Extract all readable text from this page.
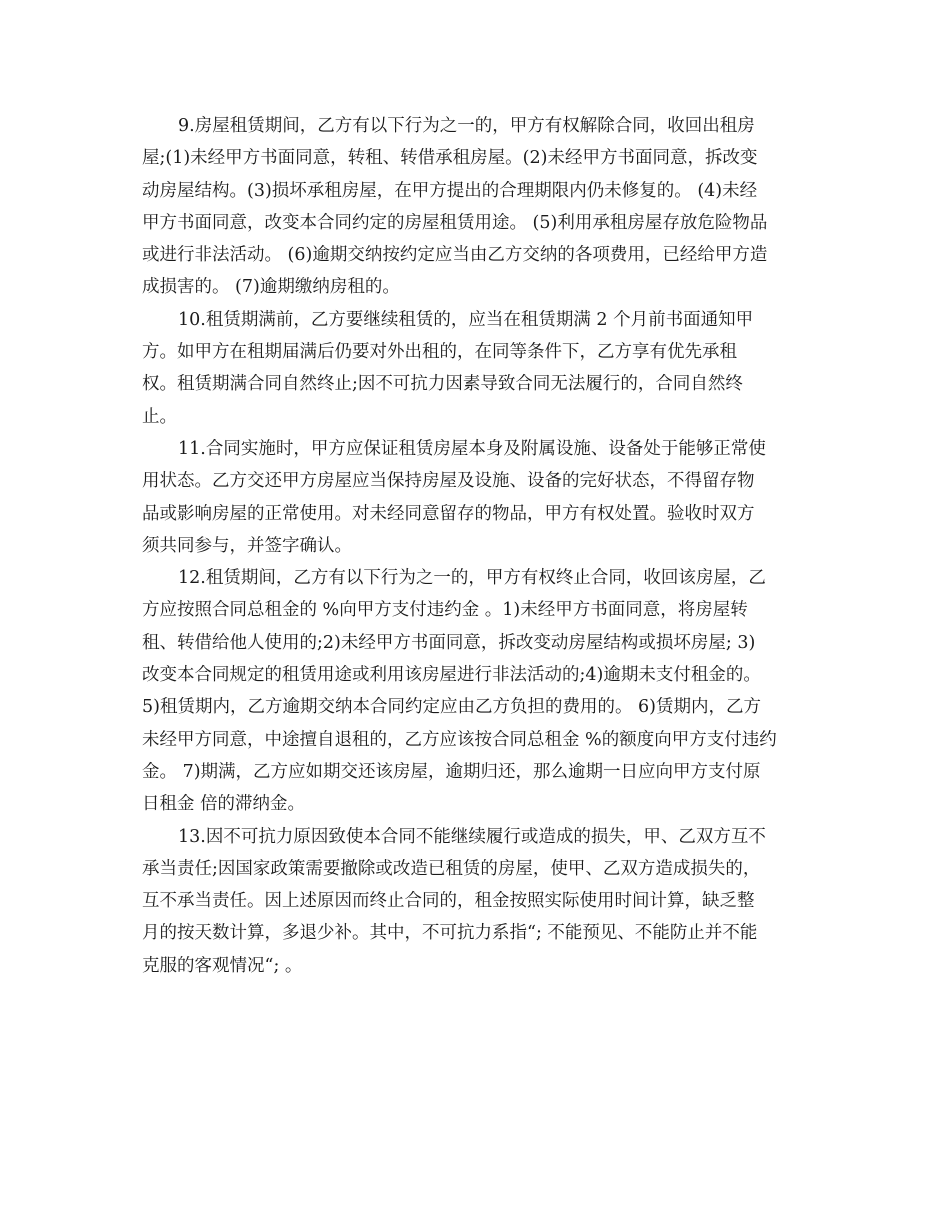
9.房屋租赁期间，乙方有以下行为之一的，甲方有权解除合同，收回出租房
屋;(1)未经甲方书面同意，转租、转借承租房屋。(2)未经甲方书面同意，拆改变
动房屋结构。(3)损坏承租房屋，在甲方提出的合理期限内仍未修复的。 (4)未经
甲方书面同意，改变本合同约定的房屋租赁用途。 (5)利用承租房屋存放危险物品
或进行非法活动。 (6)逾期交纳按约定应当由乙方交纳的各项费用，已经给甲方造
成损害的。 (7)逾期缴纳房租的。
10.租赁期满前，乙方要继续租赁的，应当在租赁期满 2 个月前书面通知甲
方。如甲方在租期届满后仍要对外出租的，在同等条件下，乙方享有优先承租
权。租赁期满合同自然终止;因不可抗力因素导致合同无法履行的，合同自然终
止。
11.合同实施时，甲方应保证租赁房屋本身及附属设施、设备处于能够正常使
用状态。乙方交还甲方房屋应当保持房屋及设施、设备的完好状态，不得留存物
品或影响房屋的正常使用。对未经同意留存的物品，甲方有权处置。验收时双方
须共同参与，并签字确认。
12.租赁期间，乙方有以下行为之一的，甲方有权终止合同，收回该房屋，乙
方应按照合同总租金的 %向甲方支付违约金 。1)未经甲方书面同意，将房屋转
租、转借给他人使用的;2)未经甲方书面同意，拆改变动房屋结构或损坏房屋; 3)
改变本合同规定的租赁用途或利用该房屋进行非法活动的;4)逾期未支付租金的。
5)租赁期内，乙方逾期交纳本合同约定应由乙方负担的费用的。 6)赁期内，乙方
未经甲方同意，中途擅自退租的，乙方应该按合同总租金 %的额度向甲方支付违约
金。 7)期满，乙方应如期交还该房屋，逾期归还，那么逾期一日应向甲方支付原
日租金 倍的滞纳金。
13.因不可抗力原因致使本合同不能继续履行或造成的损失，甲、乙双方互不
承当责任;因国家政策需要撤除或改造已租赁的房屋，使甲、乙双方造成损失的，
互不承当责任。因上述原因而终止合同的，租金按照实际使用时间计算，缺乏整
月的按天数计算，多退少补。其中，不可抗力系指“; 不能预见、不能防止并不能
克服的客观情况“; 。
